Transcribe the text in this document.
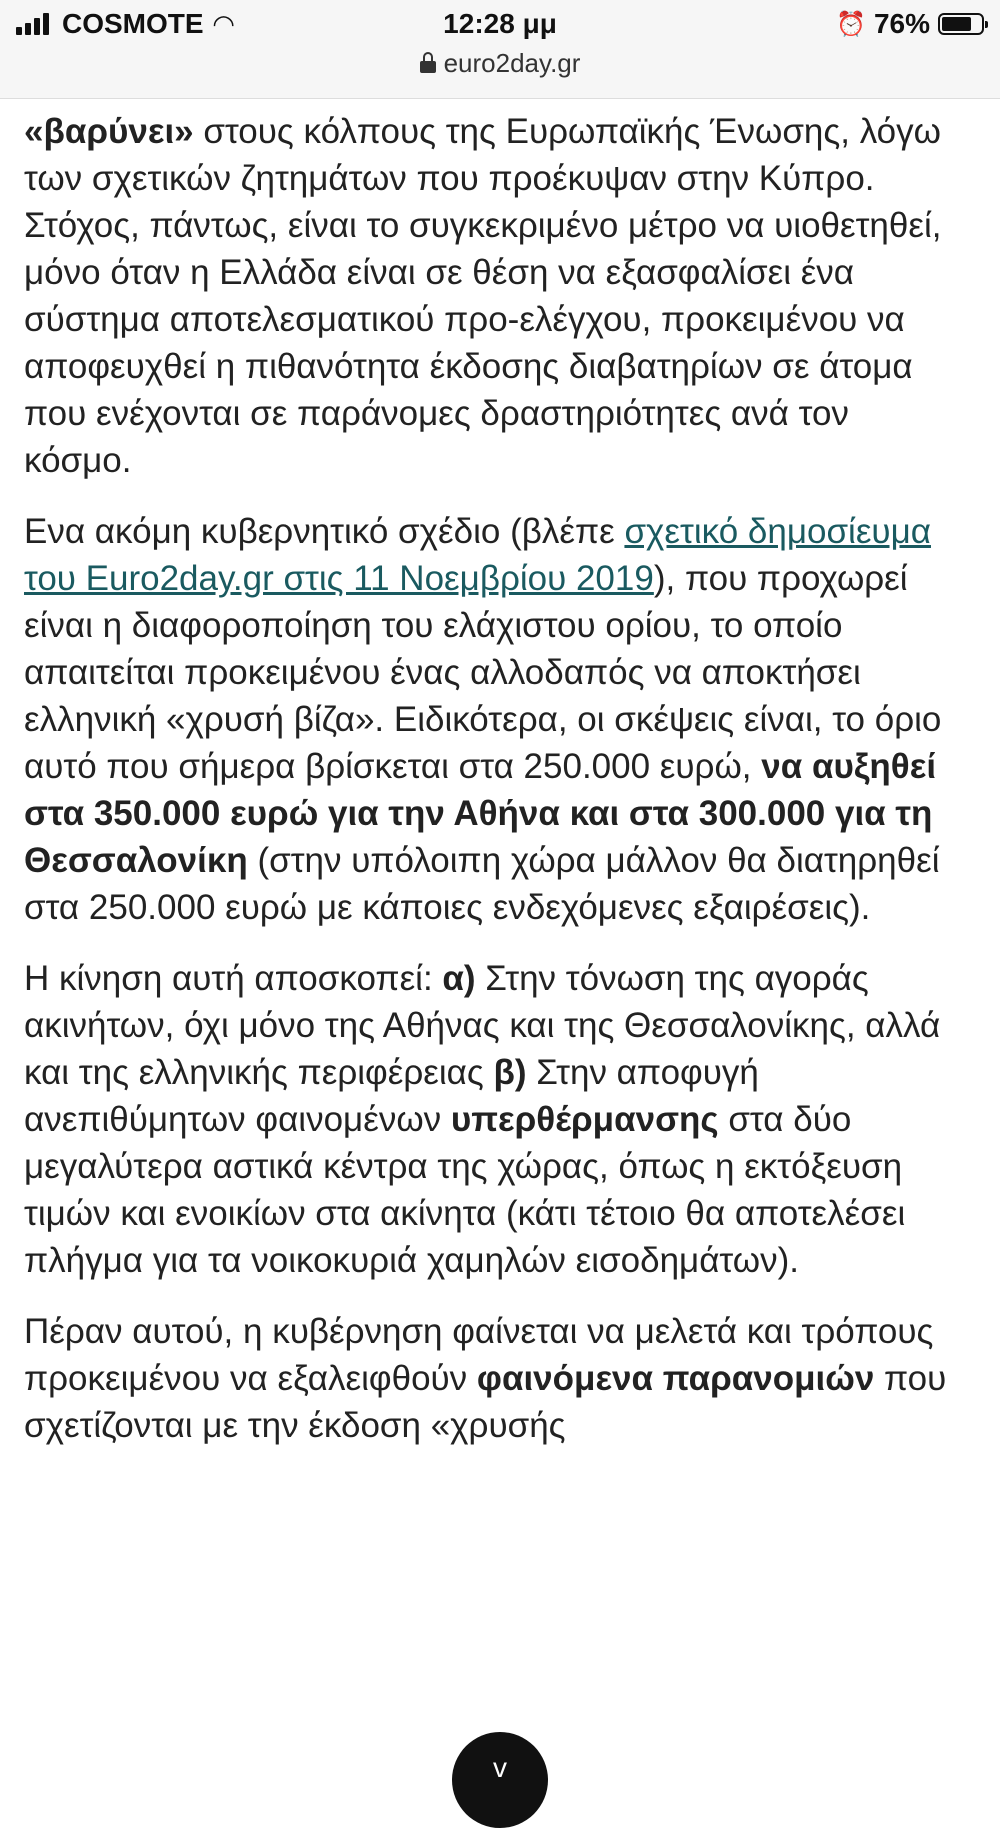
COSMOTE ◠	12:28 μμ	⏰ 76%
euro2day.gr

«βαρύνει» στους κόλπους της Ευρωπαϊκής Ένωσης, λόγω των σχετικών ζητημάτων που προέκυψαν στην Κύπρο. Στόχος, πάντως, είναι το συγκεκριμένο μέτρο να υιοθετηθεί, μόνο όταν η Ελλάδα είναι σε θέση να εξασφαλίσει ένα σύστημα αποτελεσματικού προ-ελέγχου, προκειμένου να αποφευχθεί η πιθανότητα έκδοσης διαβατηρίων σε άτομα που ενέχονται σε παράνομες δραστηριότητες ανά τον κόσμο.

Ενα ακόμη κυβερνητικό σχέδιο (βλέπε σχετικό δημοσίευμα του Euro2day.gr στις 11 Νοεμβρίου 2019), που προχωρεί είναι η διαφοροποίηση του ελάχιστου ορίου, το οποίο απαιτείται προκειμένου ένας αλλοδαπός να αποκτήσει ελληνική «χρυσή βίζα». Ειδικότερα, οι σκέψεις είναι, το όριο αυτό που σήμερα βρίσκεται στα 250.000 ευρώ, να αυξηθεί στα 350.000 ευρώ για την Αθήνα και στα 300.000 για τη Θεσσαλονίκη (στην υπόλοιπη χώρα μάλλον θα διατηρηθεί στα 250.000 ευρώ με κάποιες ενδεχόμενες εξαιρέσεις).

Η κίνηση αυτή αποσκοπεί: α) Στην τόνωση της αγοράς ακινήτων, όχι μόνο της Αθήνας και της Θεσσαλονίκης, αλλά και της ελληνικής περιφέρειας β) Στην αποφυγή ανεπιθύμητων φαινομένων υπερθέρμανσης στα δύο μεγαλύτερα αστικά κέντρα της χώρας, όπως η εκτόξευση τιμών και ενοικίων στα ακίνητα (κάτι τέτοιο θα αποτελέσει πλήγμα για τα νοικοκυριά χαμηλών εισοδημάτων).

Πέραν αυτού, η κυβέρνηση φαίνεται να μελετά και τρόπους προκειμένου να εξαλειφθούν φαινόμενα παρανομιών που σχετίζονται με την έκδοση «χρυσής

v
